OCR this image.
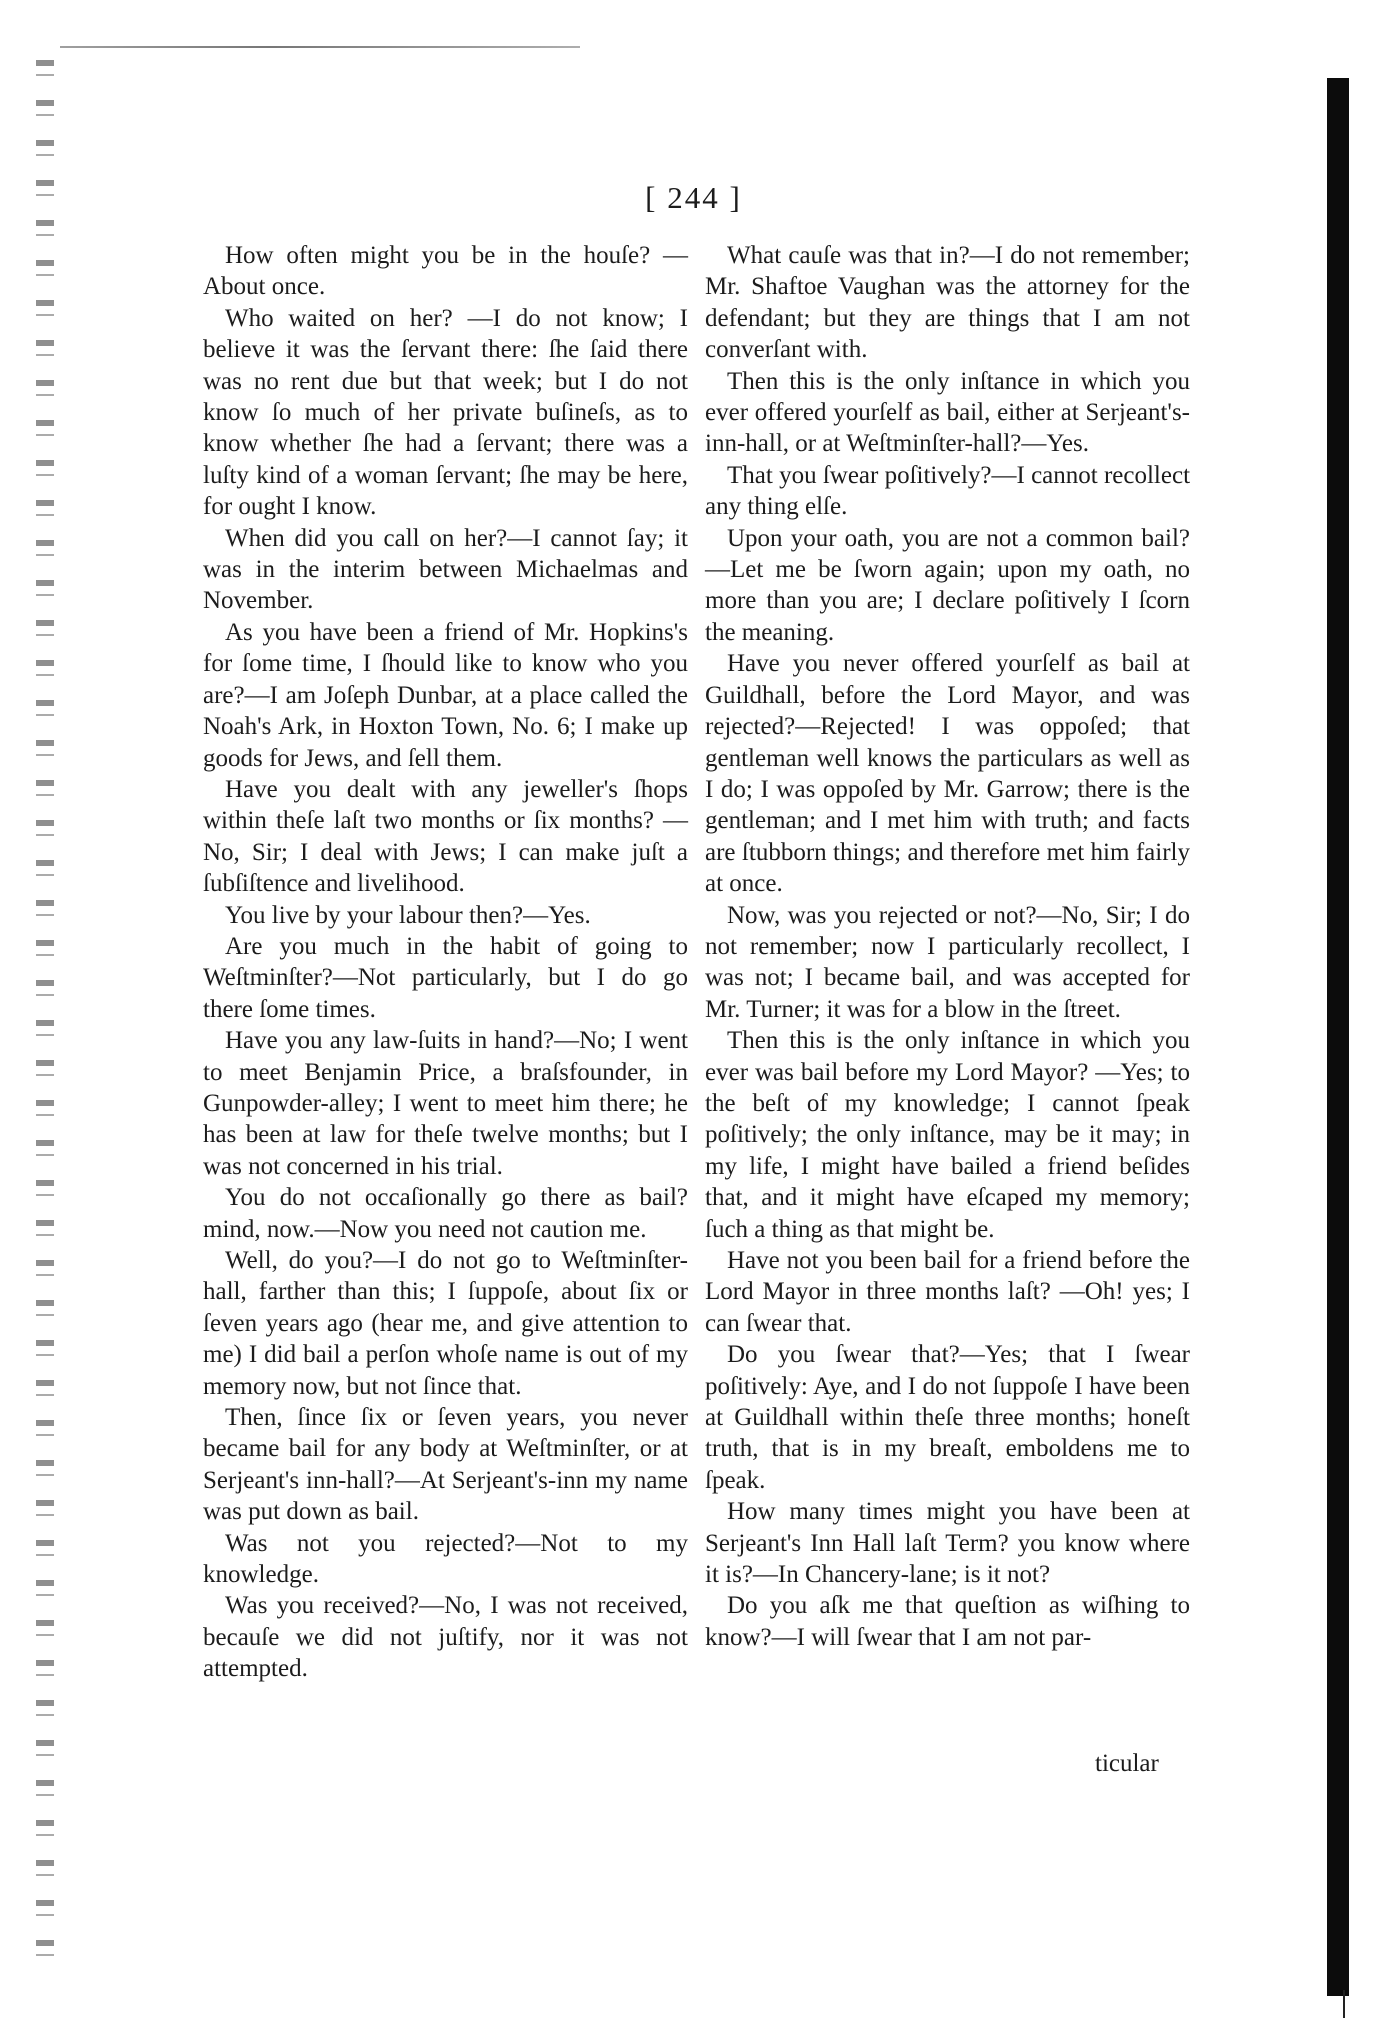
[ 244 ]

How often might you be in the houſe? —About once.

Who waited on her? —I do not know; I believe it was the ſervant there: ſhe ſaid there was no rent due but that week; but I do not know ſo much of her private buſineſs, as to know whether ſhe had a ſervant; there was a luſty kind of a woman ſervant; ſhe may be here, for ought I know.

When did you call on her?—I cannot ſay; it was in the interim between Michaelmas and November.

As you have been a friend of Mr. Hopkins's for ſome time, I ſhould like to know who you are?—I am Joſeph Dunbar, at a place called the Noah's Ark, in Hoxton Town, No. 6; I make up goods for Jews, and ſell them.

Have you dealt with any jeweller's ſhops within theſe laſt two months or ſix months? —No, Sir; I deal with Jews; I can make juſt a ſubſiſtence and livelihood.

You live by your labour then?—Yes.

Are you much in the habit of going to Weſtminſter?—Not particularly, but I do go there ſome times.

Have you any law-ſuits in hand?—No; I went to meet Benjamin Price, a braſsfounder, in Gunpowder-alley; I went to meet him there; he has been at law for theſe twelve months; but I was not concerned in his trial.

You do not occaſionally go there as bail? mind, now.—Now you need not caution me.

Well, do you?—I do not go to Weſtminſter-hall, farther than this; I ſuppoſe, about ſix or ſeven years ago (hear me, and give attention to me) I did bail a perſon whoſe name is out of my memory now, but not ſince that.

Then, ſince ſix or ſeven years, you never became bail for any body at Weſtminſter, or at Serjeant's inn-hall?—At Serjeant's-inn my name was put down as bail.

Was not you rejected?—Not to my knowledge.

Was you received?—No, I was not received, becauſe we did not juſtify, nor it was not attempted.

What cauſe was that in?—I do not remember; Mr. Shaftoe Vaughan was the attorney for the defendant; but they are things that I am not converſant with.

Then this is the only inſtance in which you ever offered yourſelf as bail, either at Serjeant's-inn-hall, or at Weſtminſter-hall?—Yes.

That you ſwear poſitively?—I cannot recollect any thing elſe.

Upon your oath, you are not a common bail?—Let me be ſworn again; upon my oath, no more than you are; I declare poſitively I ſcorn the meaning.

Have you never offered yourſelf as bail at Guildhall, before the Lord Mayor, and was rejected?—Rejected! I was oppoſed; that gentleman well knows the particulars as well as I do; I was oppoſed by Mr. Garrow; there is the gentleman; and I met him with truth; and facts are ſtubborn things; and therefore met him fairly at once.

Now, was you rejected or not?—No, Sir; I do not remember; now I particularly recollect, I was not; I became bail, and was accepted for Mr. Turner; it was for a blow in the ſtreet.

Then this is the only inſtance in which you ever was bail before my Lord Mayor? —Yes; to the beſt of my knowledge; I cannot ſpeak poſitively; the only inſtance, may be it may; in my life, I might have bailed a friend beſides that, and it might have eſcaped my memory; ſuch a thing as that might be.

Have not you been bail for a friend before the Lord Mayor in three months laſt? —Oh! yes; I can ſwear that.

Do you ſwear that?—Yes; that I ſwear poſitively: Aye, and I do not ſuppoſe I have been at Guildhall within theſe three months; honeſt truth, that is in my breaſt, emboldens me to ſpeak.

How many times might you have been at Serjeant's Inn Hall laſt Term? you know where it is?—In Chancery-lane; is it not?

Do you aſk me that queſtion as wiſhing to know?—I will ſwear that I am not par-

ticular
